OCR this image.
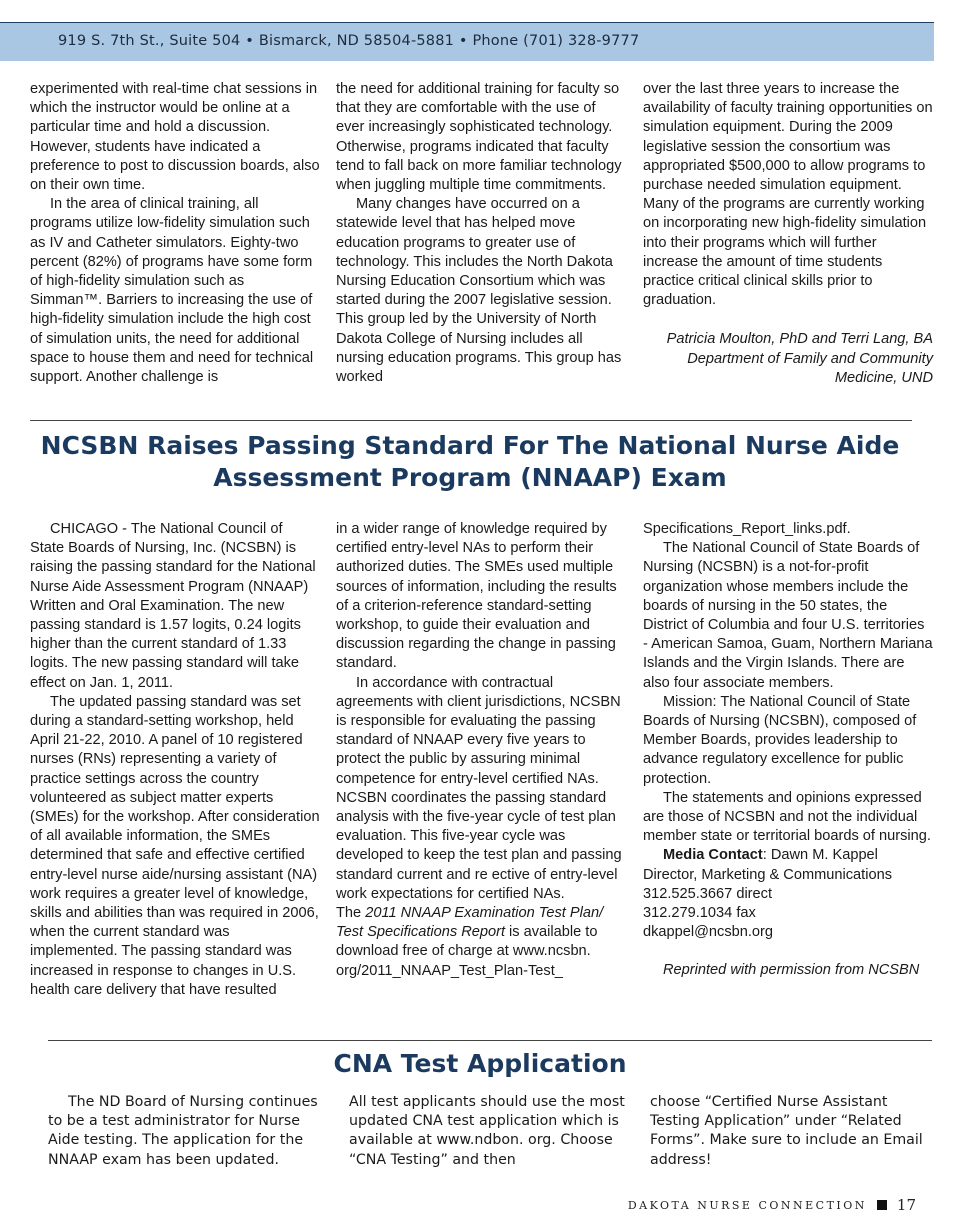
919 S. 7th St., Suite 504 • Bismarck, ND 58504-5881 • Phone (701) 328-9777

experimented with real-time chat sessions in which the instructor would be online at a particular time and hold a discussion. However, students have indicated a preference to post to discussion boards, also on their own time.

In the area of clinical training, all programs utilize low-fidelity simulation such as IV and Catheter simulators. Eighty-two percent (82%) of programs have some form of high-fidelity simulation such as Simman™. Barriers to increasing the use of high-fidelity simulation include the high cost of simulation units, the need for additional space to house them and need for technical support. Another challenge is

the need for additional training for faculty so that they are comfortable with the use of ever increasingly sophisticated technology. Otherwise, programs indicated that faculty tend to fall back on more familiar technology when juggling multiple time commitments.

Many changes have occurred on a statewide level that has helped move education programs to greater use of technology. This includes the North Dakota Nursing Education Consortium which was started during the 2007 legislative session. This group led by the University of North Dakota College of Nursing includes all nursing education programs. This group has worked

over the last three years to increase the availability of faculty training opportunities on simulation equipment. During the 2009 legislative session the consortium was appropriated $500,000 to allow programs to purchase needed simulation equipment. Many of the programs are currently working on incorporating new high-fidelity simulation into their programs which will further increase the amount of time students practice critical clinical skills prior to graduation.

Patricia Moulton, PhD and Terri Lang, BA

Department of Family and Community

Medicine, UND

NCSBN Raises Passing Standard For The National Nurse Aide
Assessment Program (NNAAP) Exam

CHICAGO - The National Council of State Boards of Nursing, Inc. (NCSBN) is raising the passing standard for the National Nurse Aide Assessment Program (NNAAP) Written and Oral Examination. The new passing standard is 1.57 logits, 0.24 logits higher than the current standard of 1.33 logits. The new passing standard will take effect on Jan. 1, 2011.

The updated passing standard was set during a standard-setting workshop, held April 21-22, 2010. A panel of 10 registered nurses (RNs) representing a variety of practice settings across the country volunteered as subject matter experts (SMEs) for the workshop. After consideration of all available information, the SMEs determined that safe and effective certified entry-level nurse aide/nursing assistant (NA) work requires a greater level of knowledge, skills and abilities than was required in 2006, when the current standard was implemented. The passing standard was increased in response to changes in U.S. health care delivery that have resulted

in a wider range of knowledge required by certified entry-level NAs to perform their authorized duties. The SMEs used multiple sources of information, including the results of a criterion-reference standard-setting workshop, to guide their evaluation and discussion regarding the change in passing standard.

In accordance with contractual agreements with client jurisdictions, NCSBN is responsible for evaluating the passing standard of NNAAP every five years to protect the public by assuring minimal competence for entry-level certified NAs. NCSBN coordinates the passing standard analysis with the five-year cycle of test plan evaluation. This five-year cycle was developed to keep the test plan and passing standard current and re ective of entry-level work expectations for certified NAs.

The 2011 NNAAP Examination Test Plan/ Test Specifications Report is available to download free of charge at www.ncsbn. org/2011_NNAAP_Test_Plan-Test_

Specifications_Report_links.pdf.

The National Council of State Boards of Nursing (NCSBN) is a not-for-profit organization whose members include the boards of nursing in the 50 states, the District of Columbia and four U.S. territories - American Samoa, Guam, Northern Mariana Islands and the Virgin Islands. There are also four associate members.

Mission: The National Council of State Boards of Nursing (NCSBN), composed of Member Boards, provides leadership to advance regulatory excellence for public protection.

The statements and opinions expressed are those of NCSBN and not the individual member state or territorial boards of nursing.

Media Contact: Dawn M. Kappel

Director, Marketing & Communications

312.525.3667 direct

312.279.1034 fax

dkappel@ncsbn.org

Reprinted with permission from NCSBN

CNA Test Application

The ND Board of Nursing continues to be a test administrator for Nurse Aide testing. The application for the NNAAP exam has been updated.

All test applicants should use the most updated CNA test application which is available at www.ndbon. org. Choose “CNA Testing” and then

choose “Certified Nurse Assistant Testing Application” under “Related Forms”. Make sure to include an Email address!

DAKOTA NURSE CONNECTION 17
